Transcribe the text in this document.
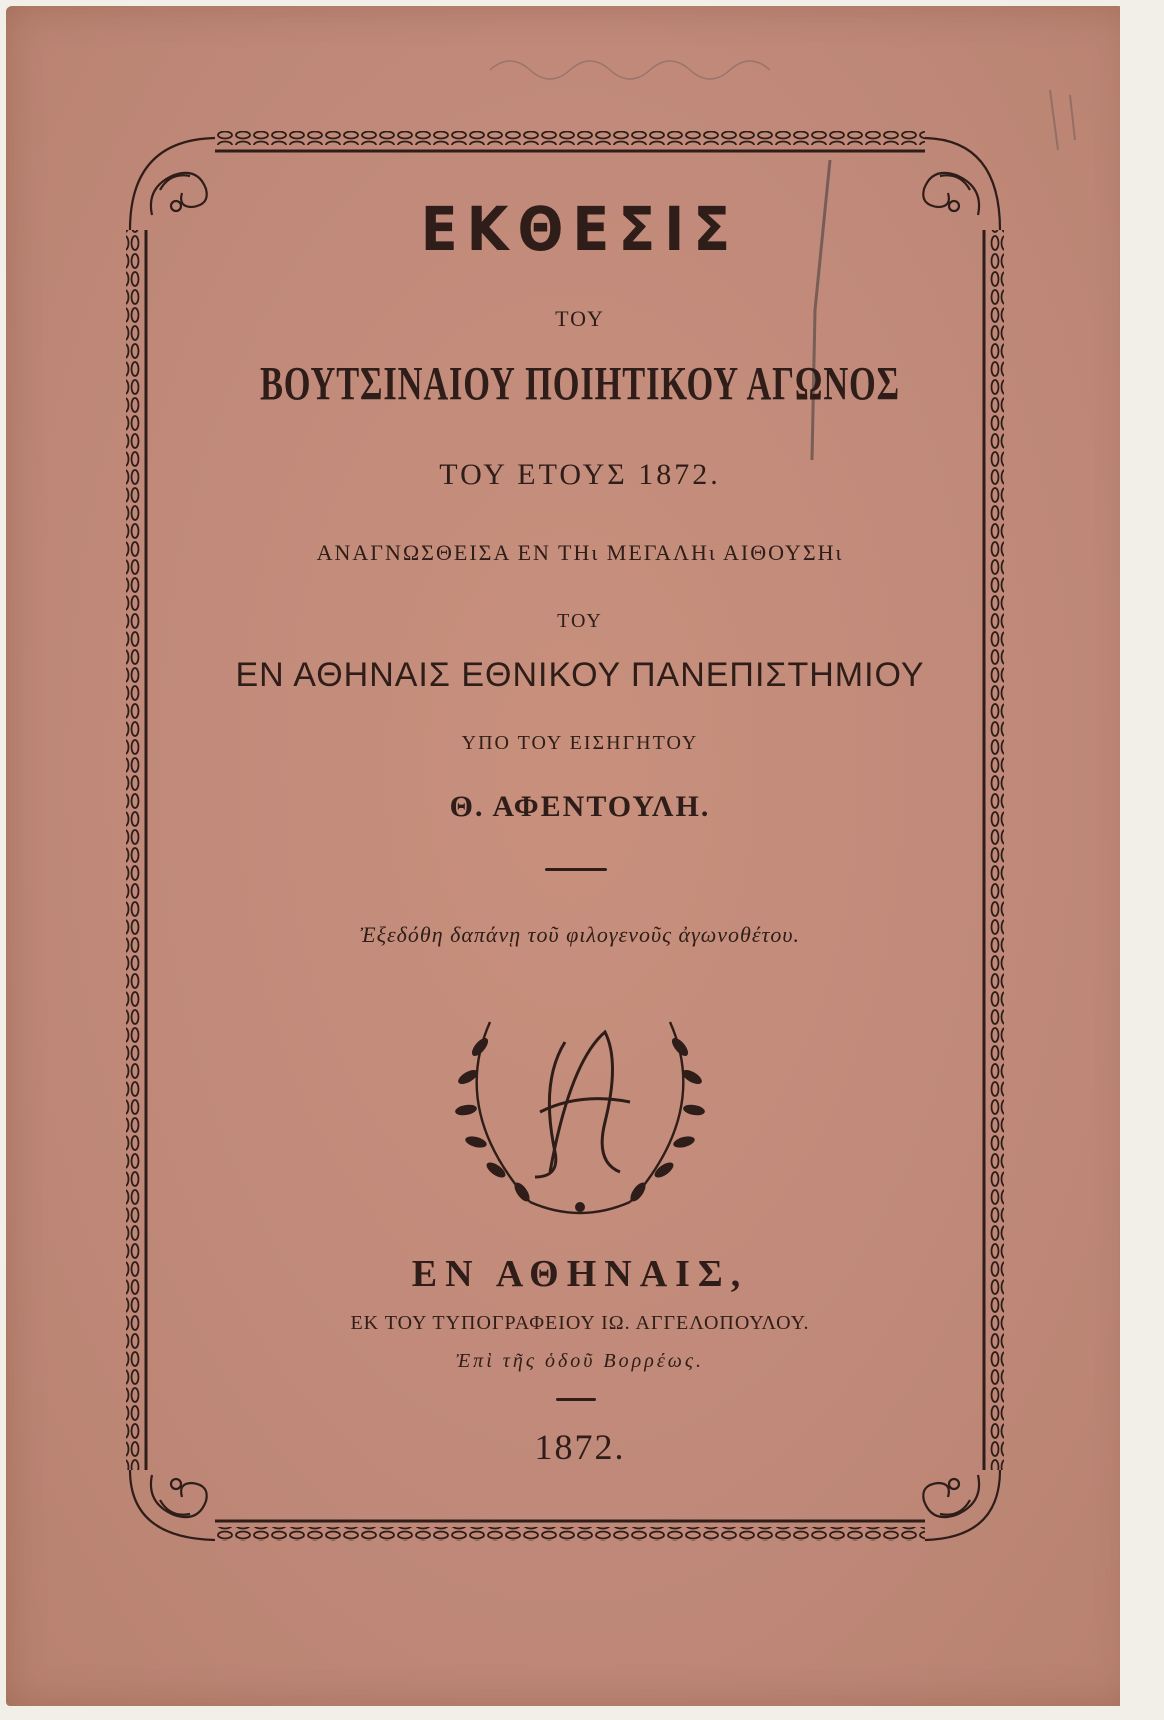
ΕΚΘΕΣΙΣ
ΤΟΥ
ΒΟΥΤΣΙΝΑΙΟΥ ΠΟΙΗΤΙΚΟΥ ΑΓΩΝΟΣ
ΤΟΥ ΕΤΟΥΣ 1872.
ΑΝΑΓΝΩΣΘΕΙΣΑ ΕΝ ΤΗι ΜΕΓΑΛΗι ΑΙΘΟΥΣΗι
ΤΟΥ
ΕΝ ΑΘΗΝΑΙΣ ΕΘΝΙΚΟΥ ΠΑΝΕΠΙΣΤΗΜΙΟΥ
ΥΠΟ ΤΟΥ ΕΙΣΗΓΗΤΟΥ
Θ. ΑΦΕΝΤΟΥΛΗ.
Ἐξεδόθη δαπάνῃ τοῦ φιλογενοῦς ἀγωνοθέτου.
ΕΝ ΑΘΗΝΑΙΣ,
ΕΚ ΤΟΥ ΤΥΠΟΓΡΑΦΕΙΟΥ ΙΩ. ΑΓΓΕΛΟΠΟΥΛΟΥ.
Ἐπὶ τῆς ὁδοῦ Βορρέως.
1872.
